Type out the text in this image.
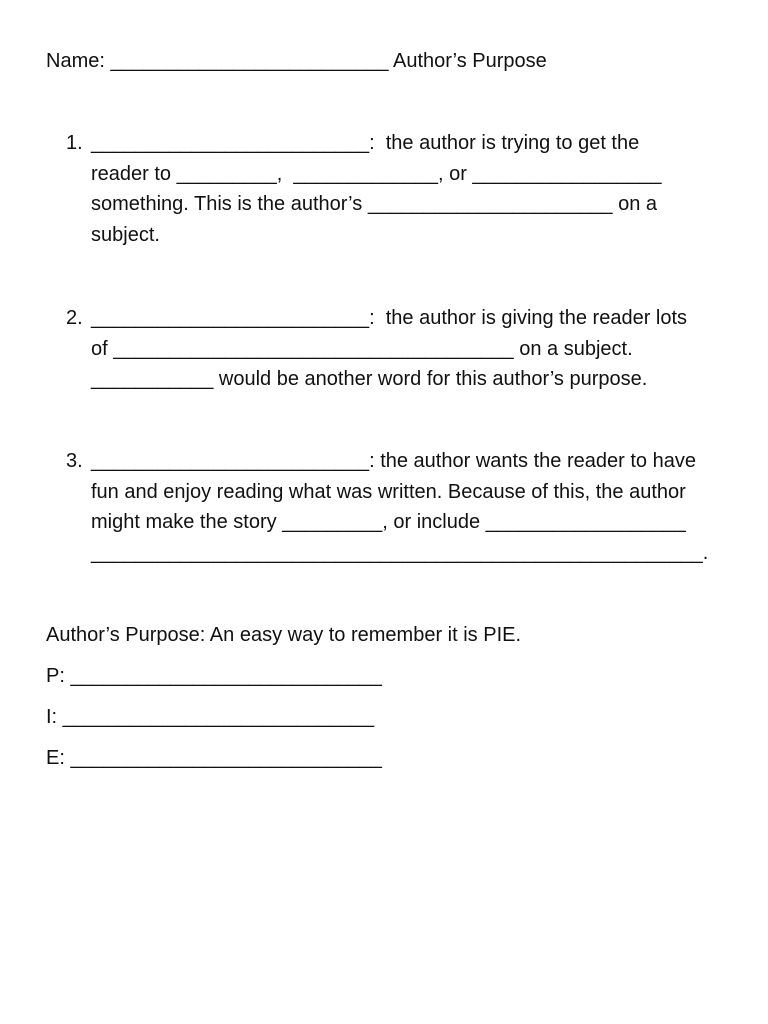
Name: _________________________ Author’s Purpose
1. _________________________:  the author is trying to get the
reader to _________,  _____________, or _________________
something. This is the author’s ______________________ on a
subject.
2. _________________________:  the author is giving the reader lots
of ____________________________________ on a subject.
___________ would be another word for this author’s purpose.
3. _________________________: the author wants the reader to have
fun and enjoy reading what was written. Because of this, the author
might make the story _________, or include __________________
_______________________________________________________.
Author’s Purpose: An easy way to remember it is PIE.
P: ____________________________
I: ____________________________
E: ____________________________
